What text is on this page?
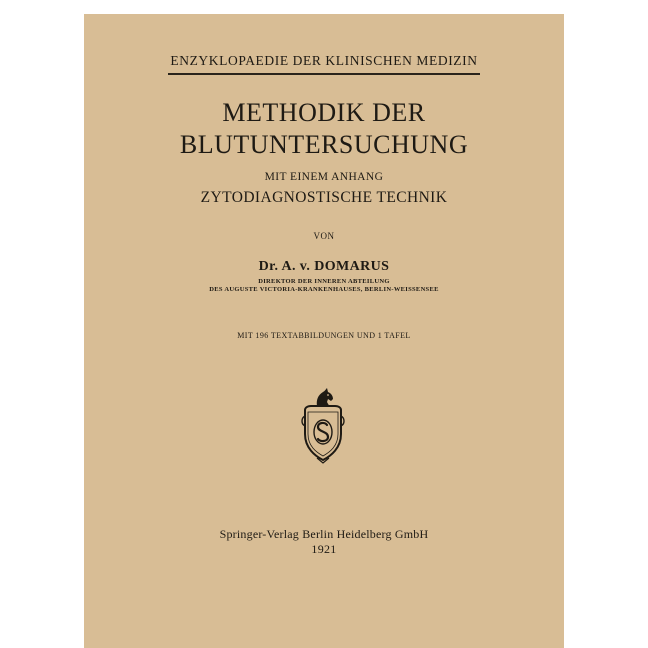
ENZYKLOPAEDIE DER KLINISCHEN MEDIZIN
METHODIK DER
BLUTUNTERSUCHUNG
MIT EINEM ANHANG
ZYTODIAGNOSTISCHE TECHNIK
VON
Dr. A. v. DOMARUS
DIREKTOR DER INNEREN ABTEILUNG
DES AUGUSTE VICTORIA-KRANKENHAUSES, BERLIN-WEISSENSEE
MIT 196 TEXTABBILDUNGEN UND 1 TAFEL
Springer-Verlag Berlin Heidelberg GmbH
1921
